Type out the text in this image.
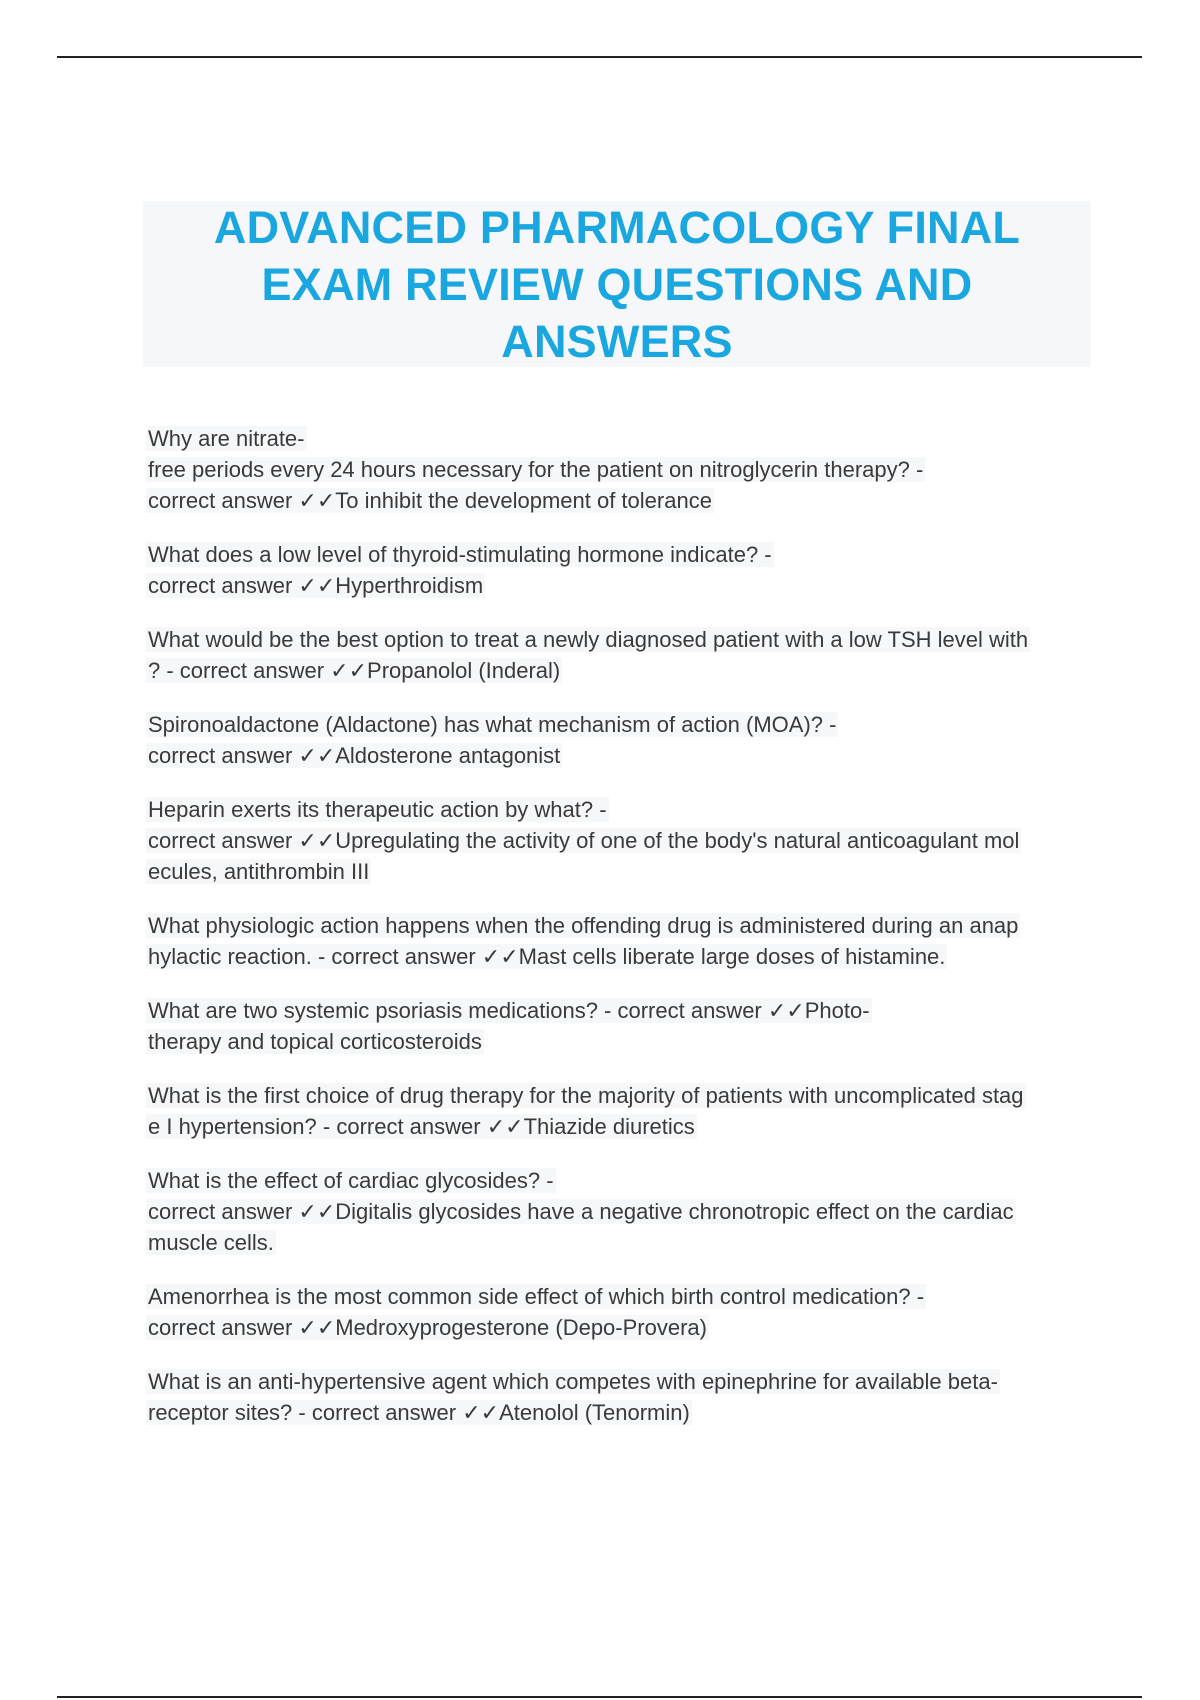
ADVANCED PHARMACOLOGY FINAL
EXAM REVIEW QUESTIONS AND
ANSWERS
Why are nitrate-
free periods every 24 hours necessary for the patient on nitroglycerin therapy? -
correct answer ✓✓To inhibit the development of tolerance
What does a low level of thyroid-stimulating hormone indicate? -
correct answer ✓✓Hyperthroidism
What would be the best option to treat a newly diagnosed patient with a low TSH level with
? - correct answer ✓✓Propanolol (Inderal)
Spironoaldactone (Aldactone) has what mechanism of action (MOA)? -
correct answer ✓✓Aldosterone antagonist
Heparin exerts its therapeutic action by what? -
correct answer ✓✓Upregulating the activity of one of the body's natural anticoagulant mol
ecules, antithrombin III
What physiologic action happens when the offending drug is administered during an anap
hylactic reaction. - correct answer ✓✓Mast cells liberate large doses of histamine.
What are two systemic psoriasis medications? - correct answer ✓✓Photo-
therapy and topical corticosteroids
What is the first choice of drug therapy for the majority of patients with uncomplicated stag
e I hypertension? - correct answer ✓✓Thiazide diuretics
What is the effect of cardiac glycosides? -
correct answer ✓✓Digitalis glycosides have a negative chronotropic effect on the cardiac
muscle cells.
Amenorrhea is the most common side effect of which birth control medication? -
correct answer ✓✓Medroxyprogesterone (Depo-Provera)
What is an anti-hypertensive agent which competes with epinephrine for available beta-
receptor sites? - correct answer ✓✓Atenolol (Tenormin)
